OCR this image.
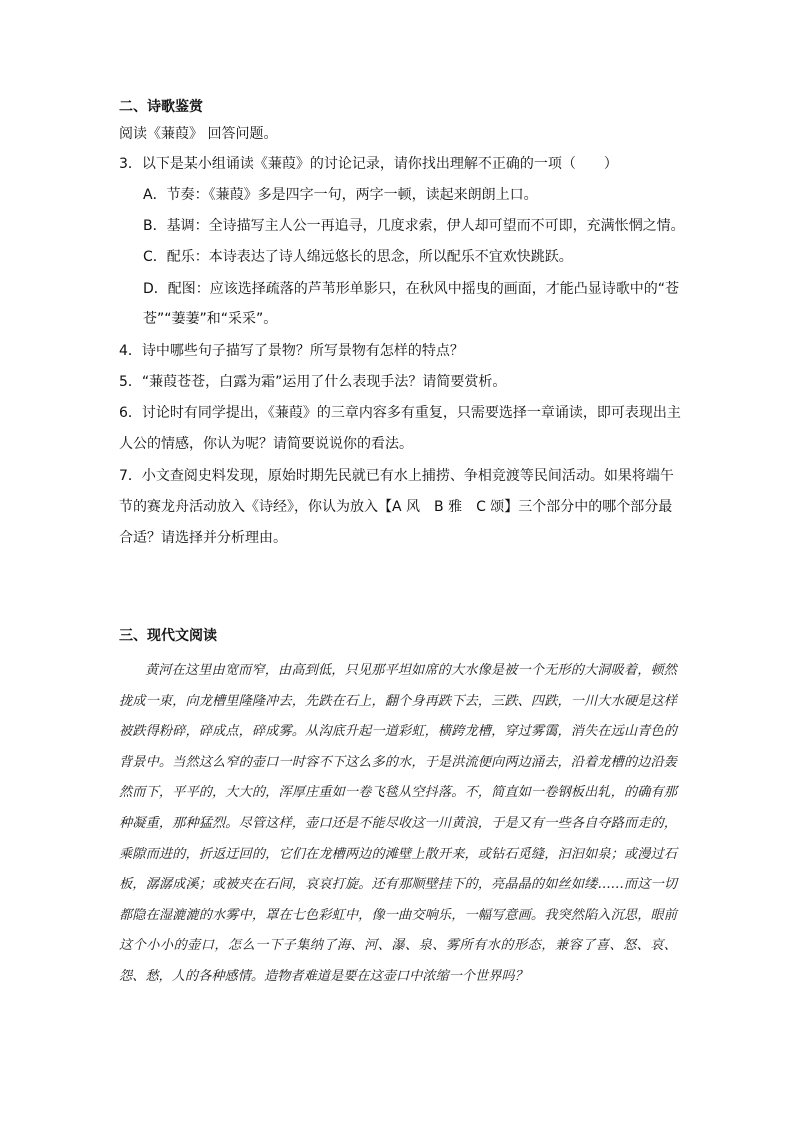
二、诗歌鉴赏
阅读《蒹葭》 回答问题。
3．以下是某小组诵读《蒹葭》的讨论记录，请你找出理解不正确的一项（　　）
A．节奏：《蒹葭》多是四字一句，两字一顿，读起来朗朗上口。
B．基调：全诗描写主人公一再追寻，几度求索，伊人却可望而不可即，充满怅惘之情。
C．配乐：本诗表达了诗人绵远悠长的思念，所以配乐不宜欢快跳跃。
D．配图：应该选择疏落的芦苇形单影只，在秋风中摇曳的画面，才能凸显诗歌中的“苍
苍”“萋萋”和“采采”。
4．诗中哪些句子描写了景物？所写景物有怎样的特点？
5．“蒹葭苍苍，白露为霜”运用了什么表现手法？请简要赏析。
6．讨论时有同学提出，《蒹葭》的三章内容多有重复，只需要选择一章诵读，即可表现出主
人公的情感，你认为呢？请简要说说你的看法。
7．小文查阅史料发现，原始时期先民就已有水上捕捞、争相竞渡等民间活动。如果将端午
节的赛龙舟活动放入《诗经》，你认为放入【A 风　B 雅　C 颂】三个部分中的哪个部分最
合适？请选择并分析理由。
三、现代文阅读
黄河在这里由宽而窄，由高到低，只见那平坦如席的大水像是被一个无形的大洞吸着，顿然拢成一束，向龙槽里隆隆冲去，先跌在石上，翻个身再跌下去，三跌、四跌，一川大水硬是这样被跌得粉碎，碎成点，碎成雾。从沟底升起一道彩虹，横跨龙槽，穿过雾霭，消失在远山青色的背景中。当然这么窄的壶口一时容不下这么多的水，于是洪流便向两边涌去，沿着龙槽的边沿轰然而下，平平的，大大的，浑厚庄重如一卷飞毯从空抖落。不，简直如一卷钢板出轧，的确有那种凝重，那种猛烈。尽管这样，壶口还是不能尽收这一川黄浪，于是又有一些各自夺路而走的，乘隙而进的，折返迂回的，它们在龙槽两边的滩壁上散开来，或钻石觅缝，汩汩如泉；或漫过石板，潺潺成溪；或被夹在石间，哀哀打旋。还有那顺壁挂下的，亮晶晶的如丝如缕……而这一切都隐在湿漉漉的水雾中，罩在七色彩虹中，像一曲交响乐，一幅写意画。我突然陷入沉思，眼前这个小小的壶口，怎么一下子集纳了海、河、瀑、泉、雾所有水的形态，兼容了喜、怒、哀、怨、愁，人的各种感情。造物者难道是要在这壶口中浓缩一个世界吗？
